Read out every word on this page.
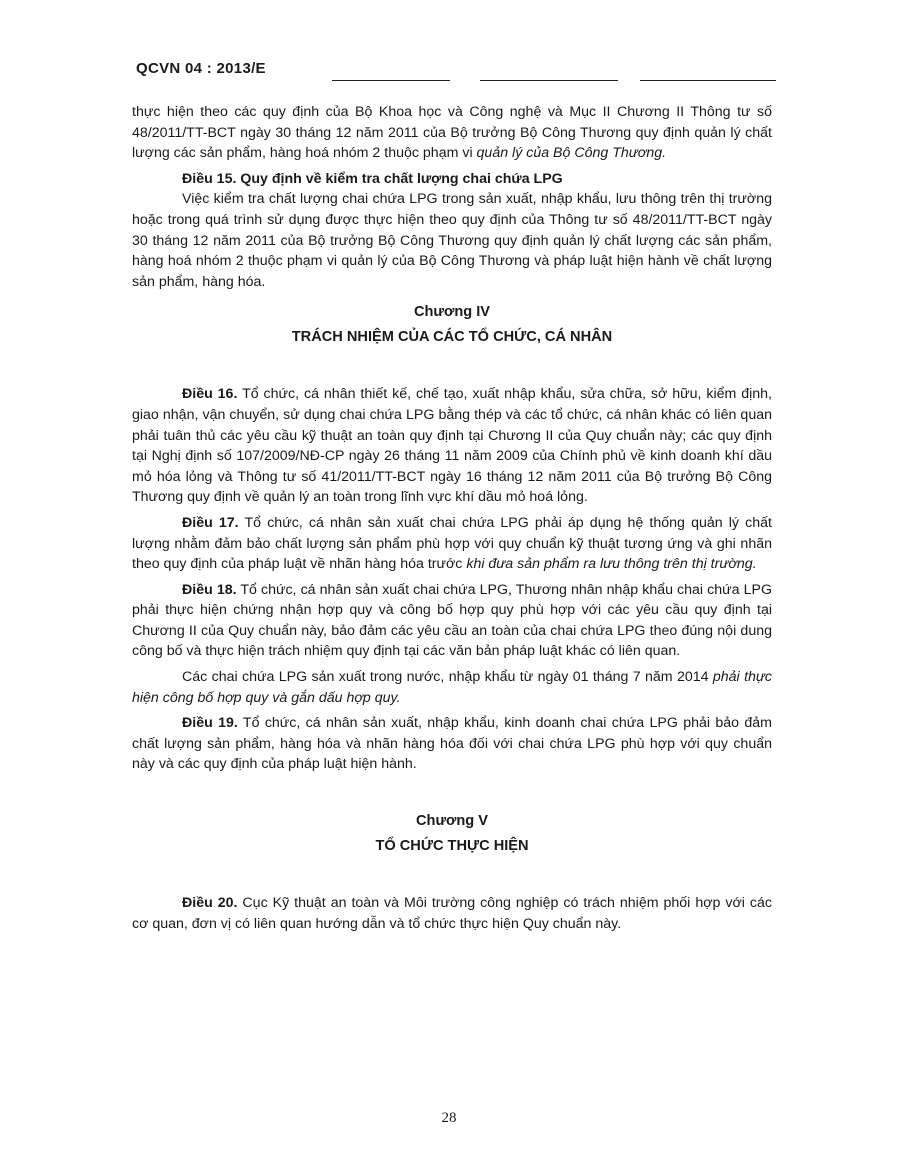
QCVN 04 : 2013/E

thực hiện theo các quy định của Bộ Khoa học và Công nghệ và Mục II Chương II Thông tư số 48/2011/TT-BCT ngày 30 tháng 12 năm 2011 của Bộ trưởng Bộ Công Thương quy định quản lý chất lượng các sản phẩm, hàng hoá nhóm 2 thuộc phạm vi quản lý của Bộ Công Thương.

Điều 15. Quy định về kiểm tra chất lượng chai chứa LPG

Việc kiểm tra chất lượng chai chứa LPG trong sản xuất, nhập khẩu, lưu thông trên thị trường hoặc trong quá trình sử dụng được thực hiện theo quy định của Thông tư số 48/2011/TT-BCT ngày 30 tháng 12 năm 2011 của Bộ trưởng Bộ Công Thương quy định quản lý chất lượng các sản phẩm, hàng hoá nhóm 2 thuộc phạm vi quản lý của Bộ Công Thương và pháp luật hiện hành về chất lượng sản phẩm, hàng hóa.

Chương IV

TRÁCH NHIỆM CỦA CÁC TỔ CHỨC, CÁ NHÂN

Điều 16. Tổ chức, cá nhân thiết kế, chế tạo, xuất nhập khẩu, sửa chữa, sở hữu, kiểm định, giao nhận, vận chuyển, sử dụng chai chứa LPG bằng thép và các tổ chức, cá nhân khác có liên quan phải tuân thủ các yêu cầu kỹ thuật an toàn quy định tại Chương II của Quy chuẩn này; các quy định tại Nghị định số 107/2009/NĐ-CP ngày 26 tháng 11 năm 2009 của Chính phủ về kinh doanh khí dầu mỏ hóa lỏng và Thông tư số 41/2011/TT-BCT ngày 16 tháng 12 năm 2011 của Bộ trưởng Bộ Công Thương quy định về quản lý an toàn trong lĩnh vực khí dầu mỏ hoá lỏng.

Điều 17. Tổ chức, cá nhân sản xuất chai chứa LPG phải áp dụng hệ thống quản lý chất lượng nhằm đảm bảo chất lượng sản phẩm phù hợp với quy chuẩn kỹ thuật tương ứng và ghi nhãn theo quy định của pháp luật về nhãn hàng hóa trước khi đưa sản phẩm ra lưu thông trên thị trường.

Điều 18. Tổ chức, cá nhân sản xuất chai chứa LPG, Thương nhân nhập khẩu chai chứa LPG phải thực hiện chứng nhận hợp quy và công bố hợp quy phù hợp với các yêu cầu quy định tại Chương II của Quy chuẩn này, bảo đảm các yêu cầu an toàn của chai chứa LPG theo đúng nội dung công bố và thực hiện trách nhiệm quy định tại các văn bản pháp luật khác có liên quan.

Các chai chứa LPG sản xuất trong nước, nhập khẩu từ ngày 01 tháng 7 năm 2014 phải thực hiện công bố hợp quy và gắn dấu hợp quy.

Điều 19. Tổ chức, cá nhân sản xuất, nhập khẩu, kinh doanh chai chứa LPG phải bảo đảm chất lượng sản phẩm, hàng hóa và nhãn hàng hóa đối với chai chứa LPG phù hợp với quy chuẩn này và các quy định của pháp luật hiện hành.

Chương V

TỔ CHỨC THỰC HIỆN

Điều 20. Cục Kỹ thuật an toàn và Môi trường công nghiệp có trách nhiệm phối hợp với các cơ quan, đơn vị có liên quan hướng dẫn và tổ chức thực hiện Quy chuẩn này.

28
